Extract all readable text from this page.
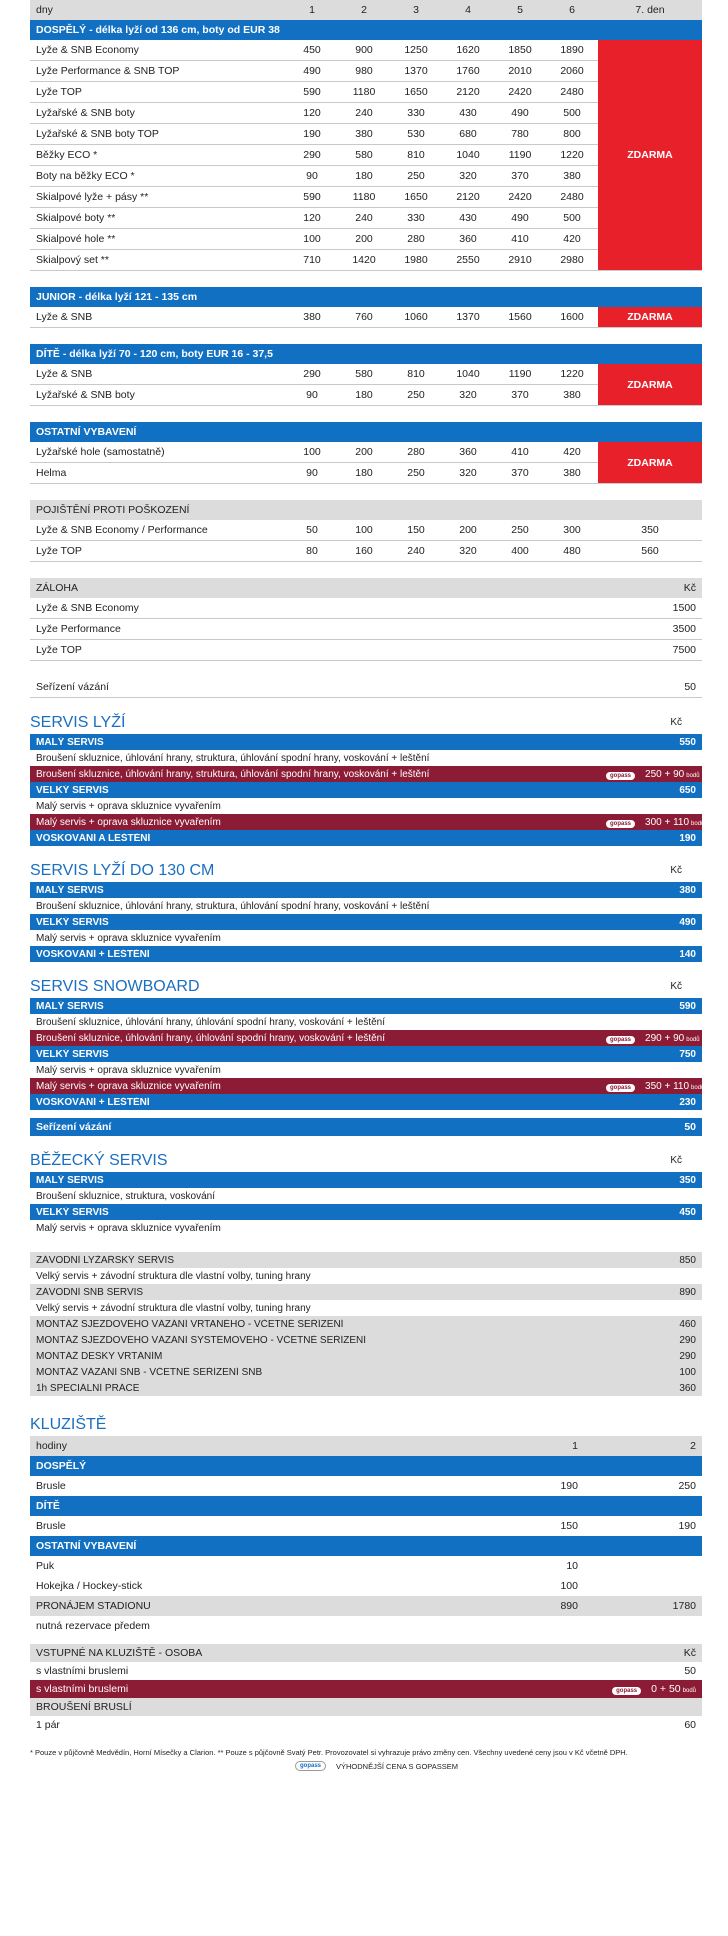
dny	1	2	3	4	5	6	7. den
DOSPĚLÝ - délka lyží od 136 cm, boty od EUR 38							
Lyže & SNB Economy	450	900	1250	1620	1850	1890	ZDARMA
Lyže Performance & SNB TOP	490	980	1370	1760	2010	2060	
Lyže TOP	590	1180	1650	2120	2420	2480	
Lyžařské & SNB boty	120	240	330	430	490	500	
Lyžařské & SNB boty TOP	190	380	530	680	780	800	
Běžky ECO *	290	580	810	1040	1190	1220	
Boty na běžky ECO *	90	180	250	320	370	380	
Skialpové lyže + pásy **	590	1180	1650	2120	2420	2480	
Skialpové boty **	120	240	330	430	490	500	
Skialpové hole **	100	200	280	360	410	420	
Skialpový set **	710	1420	1980	2550	2910	2980	

JUNIOR - délka lyží 121 - 135 cm							
Lyže & SNB	380	760	1060	1370	1560	1600	ZDARMA

DÍTĚ - délka lyží 70 - 120 cm, boty EUR 16 - 37,5							
Lyže & SNB	290	580	810	1040	1190	1220	ZDARMA
Lyžařské & SNB boty	90	180	250	320	370	380	

OSTATNÍ VYBAVENÍ							
Lyžařské hole (samostatně)	100	200	280	360	410	420	ZDARMA
Helma	90	180	250	320	370	380	

POJIŠTĚNÍ PROTI POŠKOZENÍ							
Lyže & SNB Economy / Performance	50	100	150	200	250	300	350
Lyže TOP	80	160	240	320	400	480	560

ZÁLOHA							Kč
Lyže & SNB Economy							1500
Lyže Performance							3500
Lyže TOP							7500

Seřízení vázání							50
SERVIS LYŽÍ	Kč
MALÝ SERVIS	550
Broušení skluznice, úhlování hrany, struktura, úhlování spodní hrany, voskování + leštění
Broušení skluznice, úhlování hrany, struktura, úhlování spodní hrany, voskování + leštění	gopass 250 + 90 bodů
VELKÝ SERVIS	650
Malý servis + oprava skluznice vyvařením
Malý servis + oprava skluznice vyvařením	gopass 300 + 110 bodů
VOSKOVÁNÍ A LEŠTĚNÍ	190
SERVIS LYŽÍ DO 130 CM	Kč
MALÝ SERVIS	380
Broušení skluznice, úhlování hrany, struktura, úhlování spodní hrany, voskování + leštění
VELKÝ SERVIS	490
Malý servis + oprava skluznice vyvařením
VOSKOVÁNÍ + LEŠTĚNÍ	140
SERVIS SNOWBOARD	Kč
MALÝ SERVIS	590
Broušení skluznice, úhlování hrany, úhlování spodní hrany, voskování + leštění
Broušení skluznice, úhlování hrany, úhlování spodní hrany, voskování + leštění	gopass 290 + 90 bodů
VELKÝ SERVIS	750
Malý servis + oprava skluznice vyvařením
Malý servis + oprava skluznice vyvařením	gopass 350 + 110 bodů
VOSKOVÁNÍ + LEŠTĚNÍ	230
Seřízení vázání	50
BĚŽECKÝ SERVIS	Kč
MALÝ SERVIS	350
Broušení skluznice, struktura, voskování
VELKÝ SERVIS	450
Malý servis + oprava skluznice vyvařením
ZÁVODNÍ LYŽAŘSKÝ SERVIS	850
Velký servis + závodní struktura dle vlastní volby, tuning hrany
ZÁVODNÍ SNB SERVIS	890
Velký servis + závodní struktura dle vlastní volby, tuning hrany
MONTÁŽ SJEZDOVÉHO VÁZÁNÍ VRTANÉHO - VČETNĚ SEŘÍZENÍ	460
MONTÁŽ SJEZDOVÉHO VÁZÁNÍ SYSTÉMOVÉHO - VČETNĚ SEŘÍZENÍ	290
MONTÁŽ DESKY VRTÁNÍM	290
MONTÁŽ VÁZÁNÍ SNB - VČETNĚ SEŘÍZENÍ SNB	100
1h SPECIÁLNÍ PRÁCE	360
KLUZIŠTĚ
hodiny	1	2
DOSPĚLÝ		
Brusle	190	250
DÍTĚ		
Brusle	150	190
OSTATNÍ VYBAVENÍ		
Puk	10	
Hokejka / Hockey-stick	100	
PRONÁJEM STADIONU	890	1780
nutná rezervace předem		
VSTUPNÉ NA KLUZIŠTĚ - OSOBA	Kč
s vlastními bruslemi	50
s vlastními bruslemi	gopass 0 + 50 bodů
BROUŠENÍ BRUSLÍ
1 pár	60
* Pouze v půjčovně Medvědín, Horní Mísečky a Clarion. ** Pouze s půjčovně Svatý Petr. Provozovatel si vyhrazuje právo změny cen. Všechny uvedené ceny jsou v Kč včetně DPH.
gopass	VÝHODNĚJŠÍ CENA S GOPASSEM
